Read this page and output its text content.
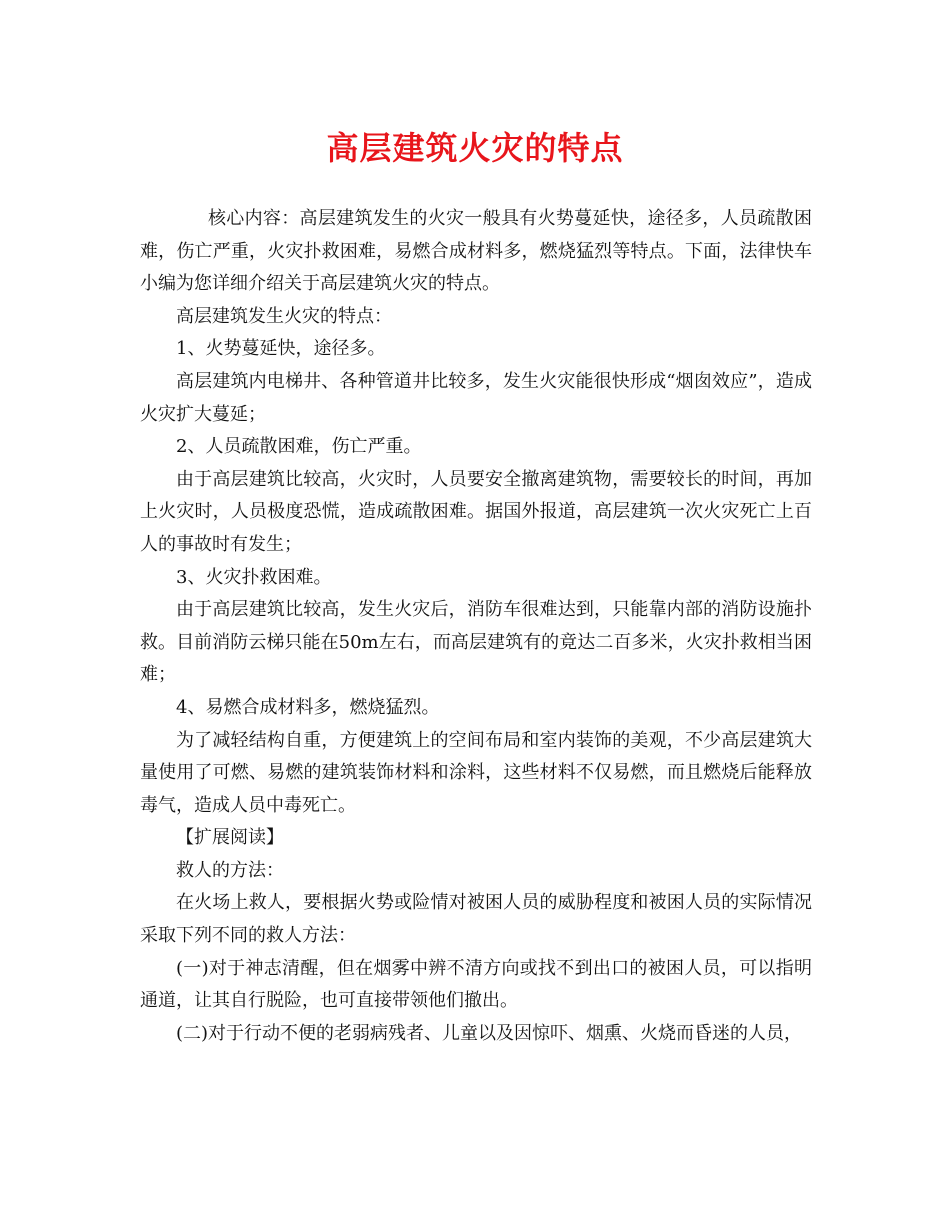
高层建筑火灾的特点

核心内容：高层建筑发生的火灾一般具有火势蔓延快，途径多，人员疏散困难，伤亡严重，火灾扑救困难，易燃合成材料多，燃烧猛烈等特点。下面，法律快车小编为您详细介绍关于高层建筑火灾的特点。

高层建筑发生火灾的特点：

1、火势蔓延快，途径多。

高层建筑内电梯井、各种管道井比较多，发生火灾能很快形成“烟囱效应”，造成火灾扩大蔓延；

2、人员疏散困难，伤亡严重。

由于高层建筑比较高，火灾时，人员要安全撤离建筑物，需要较长的时间，再加上火灾时，人员极度恐慌，造成疏散困难。据国外报道，高层建筑一次火灾死亡上百人的事故时有发生；

3、火灾扑救困难。

由于高层建筑比较高，发生火灾后，消防车很难达到，只能靠内部的消防设施扑救。目前消防云梯只能在50m左右，而高层建筑有的竟达二百多米，火灾扑救相当困难；

4、易燃合成材料多，燃烧猛烈。

为了减轻结构自重，方便建筑上的空间布局和室内装饰的美观，不少高层建筑大量使用了可燃、易燃的建筑装饰材料和涂料，这些材料不仅易燃，而且燃烧后能释放毒气，造成人员中毒死亡。

【扩展阅读】

救人的方法：

在火场上救人，要根据火势或险情对被困人员的威胁程度和被困人员的实际情况采取下列不同的救人方法：

(一)对于神志清醒，但在烟雾中辨不清方向或找不到出口的被困人员，可以指明通道，让其自行脱险，也可直接带领他们撤出。

(二)对于行动不便的老弱病残者、儿童以及因惊吓、烟熏、火烧而昏迷的人员，
